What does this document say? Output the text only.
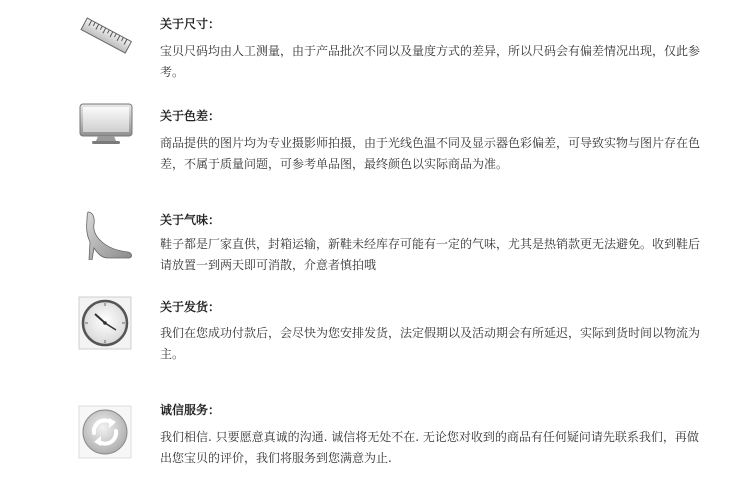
关于尺寸：
宝贝尺码均由人工测量，由于产品批次不同以及量度方式的差异，所以尺码会有偏差情况出现，仅此参考。
关于色差：
商品提供的图片均为专业摄影师拍摄，由于光线色温不同及显示器色彩偏差，可导致实物与图片存在色差，不属于质量问题，可参考单品图，最终颜色以实际商品为准。
关于气味：
鞋子都是厂家直供，封箱运输，新鞋未经库存可能有一定的气味，尤其是热销款更无法避免。收到鞋后请放置一到两天即可消散，介意者慎拍哦
关于发货：
我们在您成功付款后，会尽快为您安排发货，法定假期以及活动期会有所延迟，实际到货时间以物流为主。
诚信服务：
我们相信. 只要愿意真诚的沟通. 诚信将无处不在. 无论您对收到的商品有任何疑问请先联系我们，再做出您宝贝的评价，我们将服务到您满意为止.
